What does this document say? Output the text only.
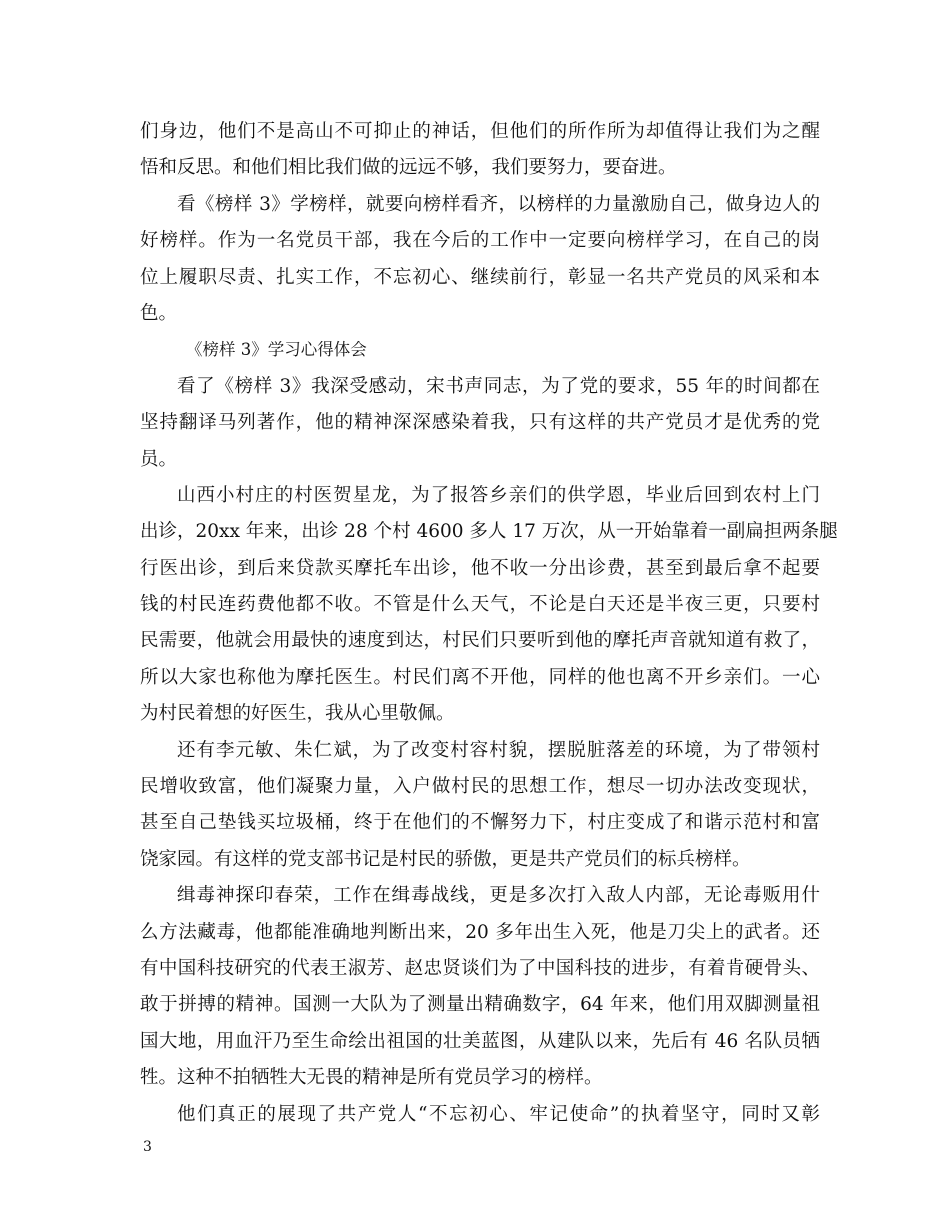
们身边，他们不是高山不可抑止的神话，但他们的所作所为却值得让我们为之醒
悟和反思。和他们相比我们做的远远不够，我们要努力，要奋进。
看《榜样 3》学榜样，就要向榜样看齐，以榜样的力量激励自己，做身边人的
好榜样。作为一名党员干部，我在今后的工作中一定要向榜样学习，在自己的岗
位上履职尽责、扎实工作，不忘初心、继续前行，彰显一名共产党员的风采和本
色。
《榜样 3》学习心得体会
看了《榜样 3》我深受感动，宋书声同志，为了党的要求，55 年的时间都在
坚持翻译马列著作，他的精神深深感染着我，只有这样的共产党员才是优秀的党
员。
山西小村庄的村医贺星龙，为了报答乡亲们的供学恩，毕业后回到农村上门
出诊，20xx 年来，出诊 28 个村 4600 多人 17 万次，从一开始靠着一副扁担两条腿
行医出诊，到后来贷款买摩托车出诊，他不收一分出诊费，甚至到最后拿不起要
钱的村民连药费他都不收。不管是什么天气，不论是白天还是半夜三更，只要村
民需要，他就会用最快的速度到达，村民们只要听到他的摩托声音就知道有救了，
所以大家也称他为摩托医生。村民们离不开他，同样的他也离不开乡亲们。一心
为村民着想的好医生，我从心里敬佩。
还有李元敏、朱仁斌，为了改变村容村貌，摆脱脏落差的环境，为了带领村
民增收致富，他们凝聚力量，入户做村民的思想工作，想尽一切办法改变现状，
甚至自己垫钱买垃圾桶，终于在他们的不懈努力下，村庄变成了和谐示范村和富
饶家园。有这样的党支部书记是村民的骄傲，更是共产党员们的标兵榜样。
缉毒神探印春荣，工作在缉毒战线，更是多次打入敌人内部，无论毒贩用什
么方法藏毒，他都能准确地判断出来，20 多年出生入死，他是刀尖上的武者。还
有中国科技研究的代表王淑芳、赵忠贤谈们为了中国科技的进步，有着肯硬骨头、
敢于拼搏的精神。国测一大队为了测量出精确数字，64 年来，他们用双脚测量祖
国大地，用血汗乃至生命绘出祖国的壮美蓝图，从建队以来，先后有 46 名队员牺
牲。这种不拍牺牲大无畏的精神是所有党员学习的榜样。
他们真正的展现了共产党人“不忘初心、牢记使命”的执着坚守，同时又彰
3
